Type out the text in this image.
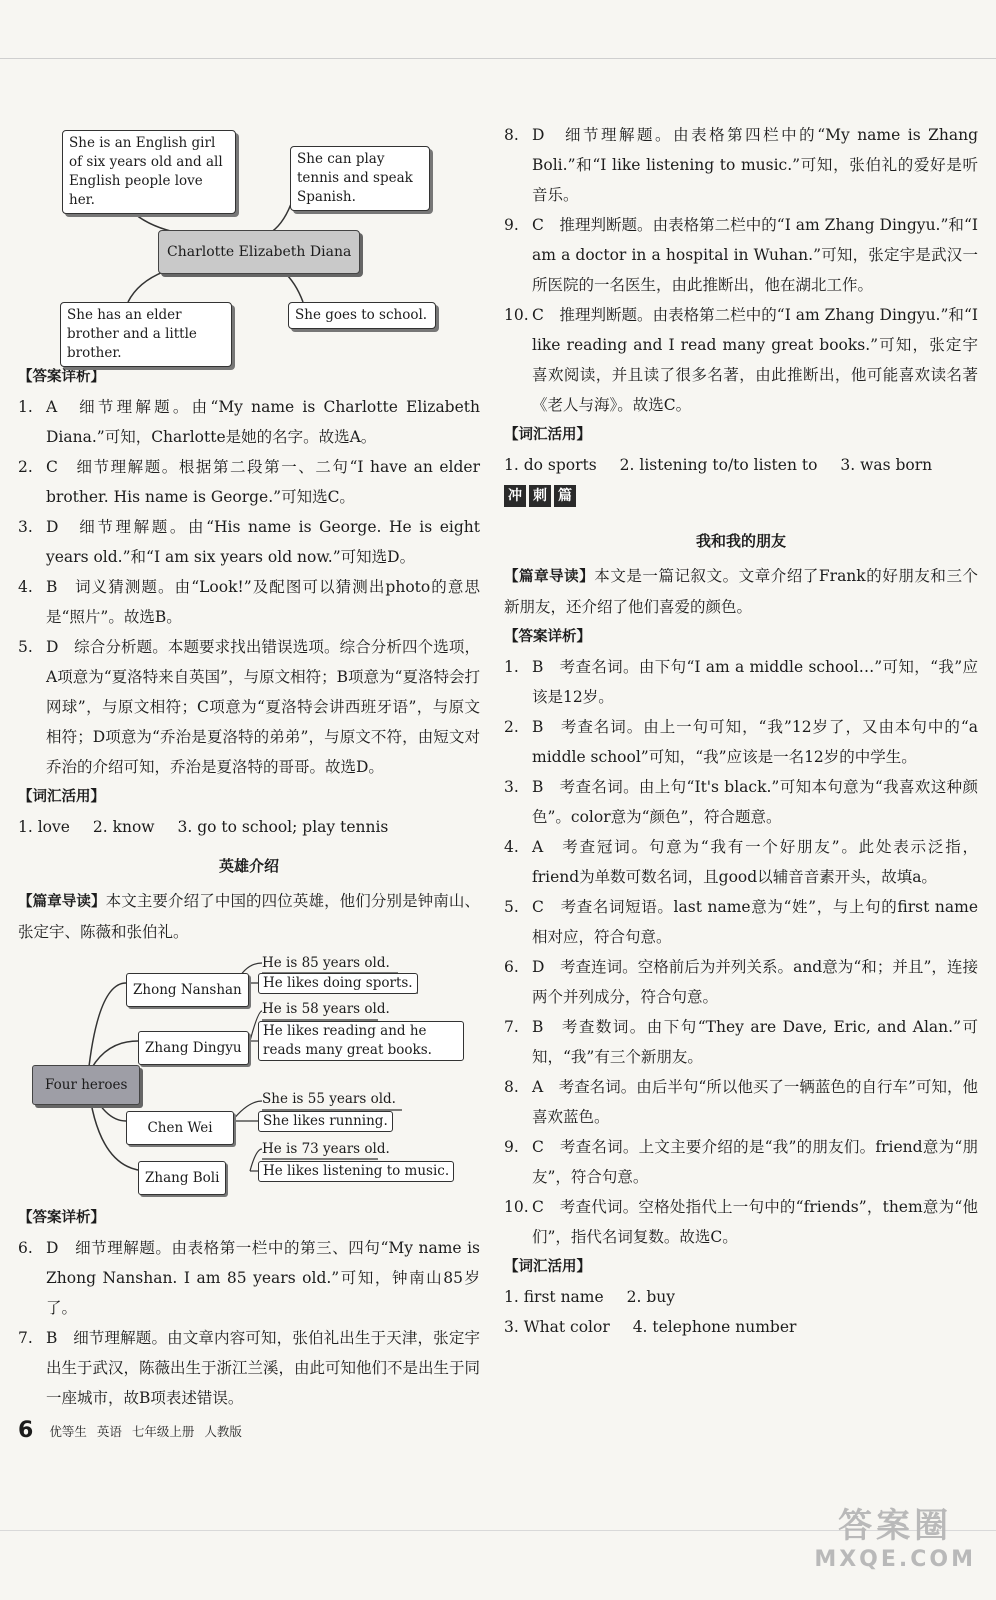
She is an English girl of six years old and all English people love her.
She can play tennis and speak Spanish.
Charlotte Elizabeth Diana
She has an elder brother and a little brother.
She goes to school.

【答案详析】

1. A　细节理解题。由“My name is Charlotte Elizabeth Diana.”可知，Charlotte是她的名字。故选A。
2. C　细节理解题。根据第二段第一、二句“I have an elder brother. His name is George.”可知选C。
3. D　细节理解题。由“His name is George. He is eight years old.”和“I am six years old now.”可知选D。
4. B　词义猜测题。由“Look!”及配图可以猜测出photo的意思是“照片”。故选B。
5. D　综合分析题。本题要求找出错误选项。综合分析四个选项，A项意为“夏洛特来自英国”，与原文相符；B项意为“夏洛特会打网球”，与原文相符；C项意为“夏洛特会讲西班牙语”，与原文相符；D项意为“乔治是夏洛特的弟弟”，与原文不符，由短文对乔治的介绍可知，乔治是夏洛特的哥哥。故选D。

【词汇活用】

1. love 2. know 3. go to school; play tennis

英雄介绍

【篇章导读】本文主要介绍了中国的四位英雄，他们分别是钟南山、张定宇、陈薇和张伯礼。

Four heroes
Zhong Nanshan
He is 85 years old.
He likes doing sports.
Zhang Dingyu
He is 58 years old.
He likes reading and he reads many great books.
Chen Wei
She is 55 years old.
She likes running.
Zhang Boli
He is 73 years old.
He likes listening to music.

【答案详析】

6. D　细节理解题。由表格第一栏中的第三、四句“My name is Zhong Nanshan. I am 85 years old.”可知，钟南山85岁了。
7. B　细节理解题。由文章内容可知，张伯礼出生于天津，张定宇出生于武汉，陈薇出生于浙江兰溪，由此可知他们不是出生于同一座城市，故B项表述错误。
8. D　细节理解题。由表格第四栏中的“My name is Zhang Boli.”和“I like listening to music.”可知，张伯礼的爱好是听音乐。
9. C　推理判断题。由表格第二栏中的“I am Zhang Dingyu.”和“I am a doctor in a hospital in Wuhan.”可知，张定宇是武汉一所医院的一名医生，由此推断出，他在湖北工作。
10. C　推理判断题。由表格第二栏中的“I am Zhang Dingyu.”和“I like reading and I read many great books.”可知，张定宇喜欢阅读，并且读了很多名著，由此推断出，他可能喜欢读名著《老人与海》。故选C。

【词汇活用】

1. do sports 2. listening to/to listen to 3. was born

冲 刺 篇
我和我的朋友

【篇章导读】本文是一篇记叙文。文章介绍了Frank的好朋友和三个新朋友，还介绍了他们喜爱的颜色。

【答案详析】

1. B　考查名词。由下句“I am a middle school…”可知，“我”应该是12岁。
2. B　考查名词。由上一句可知，“我”12岁了，又由本句中的“a middle school”可知，“我”应该是一名12岁的中学生。
3. B　考查名词。由上句“It's black.”可知本句意为“我喜欢这种颜色”。color意为“颜色”，符合题意。
4. A　考查冠词。句意为“我有一个好朋友”。此处表示泛指，friend为单数可数名词，且good以辅音音素开头，故填a。
5. C　考查名词短语。last name意为“姓”，与上句的first name相对应，符合句意。
6. D　考查连词。空格前后为并列关系。and意为“和；并且”，连接两个并列成分，符合句意。
7. B　考查数词。由下句“They are Dave, Eric, and Alan.”可知，“我”有三个新朋友。
8. A　考查名词。由后半句“所以他买了一辆蓝色的自行车”可知，他喜欢蓝色。
9. C　考查名词。上文主要介绍的是“我”的朋友们。friend意为“朋友”，符合句意。
10. C　考查代词。空格处指代上一句中的“friends”，them意为“他们”，指代名词复数。故选C。

【词汇活用】

1. first name 2. buy

3. What color 4. telephone number

6 优等生 英语 七年级上册 人教版
答案圈
MXQE.COM
